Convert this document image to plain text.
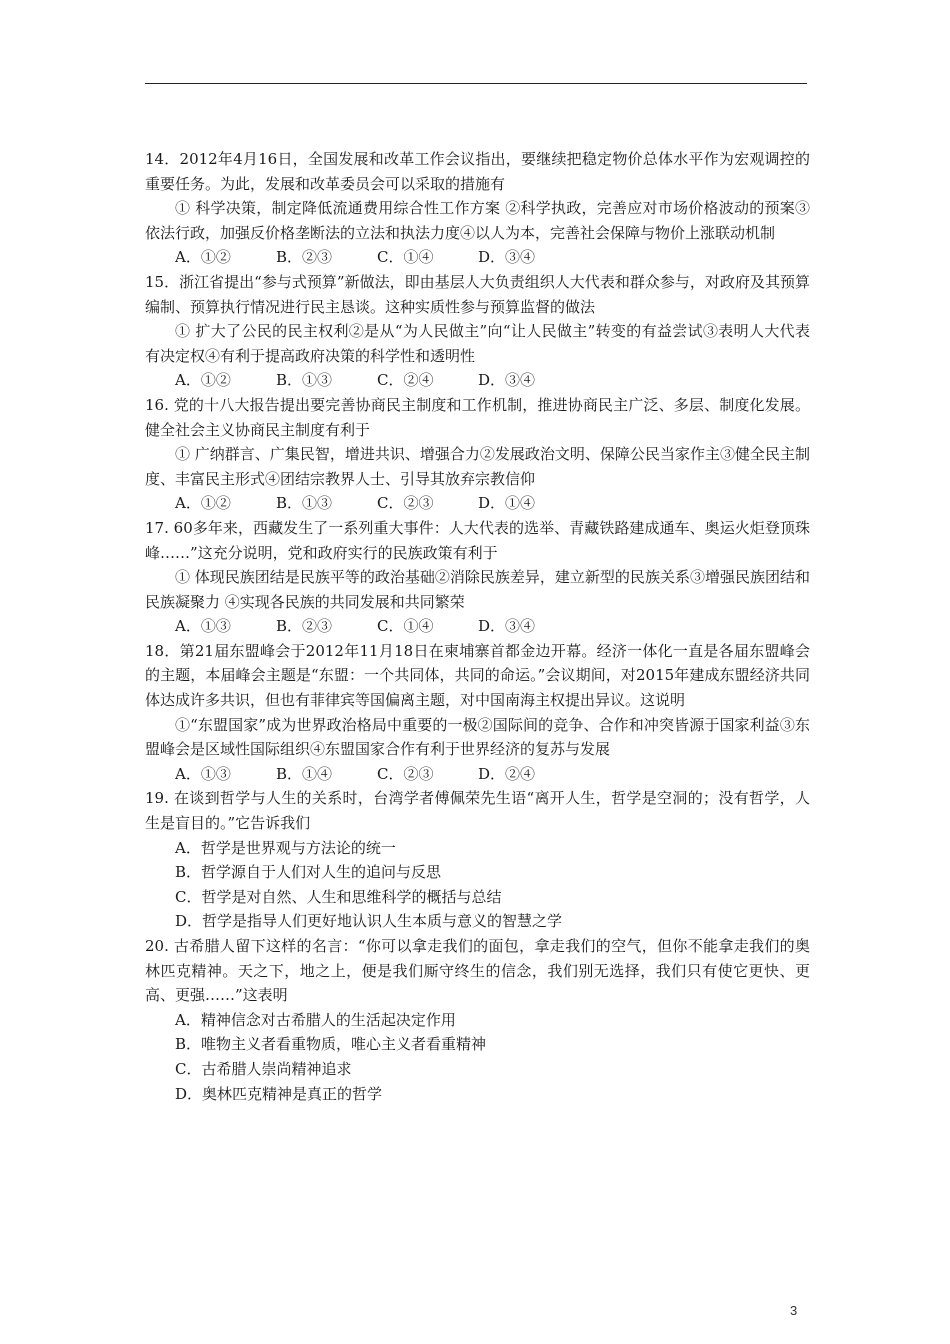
14．2012年4月16日，全国发展和改革工作会议指出，要继续把稳定物价总体水平作为宏观调控的重要任务。为此，发展和改革委员会可以采取的措施有

① 科学决策，制定降低流通费用综合性工作方案 ②科学执政，完善应对市场价格波动的预案③依法行政，加强反价格垄断法的立法和执法力度④以人为本，完善社会保障与物价上涨联动机制

A．①②	B．②③	C．①④	D．③④

15．浙江省提出“参与式预算”新做法，即由基层人大负责组织人大代表和群众参与，对政府及其预算编制、预算执行情况进行民主恳谈。这种实质性参与预算监督的做法

① 扩大了公民的民主权利②是从“为人民做主”向“让人民做主”转变的有益尝试③表明人大代表有决定权④有利于提高政府决策的科学性和透明性

A．①②	B．①③	C．②④	D．③④

16. 党的十八大报告提出要完善协商民主制度和工作机制，推进协商民主广泛、多层、制度化发展。健全社会主义协商民主制度有利于

① 广纳群言、广集民智，增进共识、增强合力②发展政治文明、保障公民当家作主③健全民主制度、丰富民主形式④团结宗教界人士、引导其放弃宗教信仰

A．①②	B．①③	C．②③	D．①④

17. 60多年来，西藏发生了一系列重大事件：人大代表的选举、青藏铁路建成通车、奥运火炬登顶珠峰……”这充分说明，党和政府实行的民族政策有利于

① 体现民族团结是民族平等的政治基础②消除民族差异，建立新型的民族关系③增强民族团结和民族凝聚力 ④实现各民族的共同发展和共同繁荣

A．①③	B．②③	C．①④	D．③④

18．第21届东盟峰会于2012年11月18日在柬埔寨首都金边开幕。经济一体化一直是各届东盟峰会的主题，本届峰会主题是“东盟：一个共同体，共同的命运。”会议期间，对2015年建成东盟经济共同体达成许多共识，但也有菲律宾等国偏离主题，对中国南海主权提出异议。这说明

①“东盟国家”成为世界政治格局中重要的一极②国际间的竞争、合作和冲突皆源于国家利益③东盟峰会是区域性国际组织④东盟国家合作有利于世界经济的复苏与发展

A．①③	B．①④	C．②③	D．②④

19. 在谈到哲学与人生的关系时，台湾学者傅佩荣先生语“离开人生，哲学是空洞的；没有哲学，人生是盲目的。”它告诉我们

A．哲学是世界观与方法论的统一

B．哲学源自于人们对人生的追问与反思

C．哲学是对自然、人生和思维科学的概括与总结

D．哲学是指导人们更好地认识人生本质与意义的智慧之学

20. 古希腊人留下这样的名言：“你可以拿走我们的面包，拿走我们的空气，但你不能拿走我们的奥林匹克精神。天之下，地之上，便是我们厮守终生的信念，我们别无选择，我们只有使它更快、更高、更强……”这表明

A．精神信念对古希腊人的生活起决定作用

B．唯物主义者看重物质，唯心主义者看重精神

C．古希腊人崇尚精神追求

D．奥林匹克精神是真正的哲学

3
